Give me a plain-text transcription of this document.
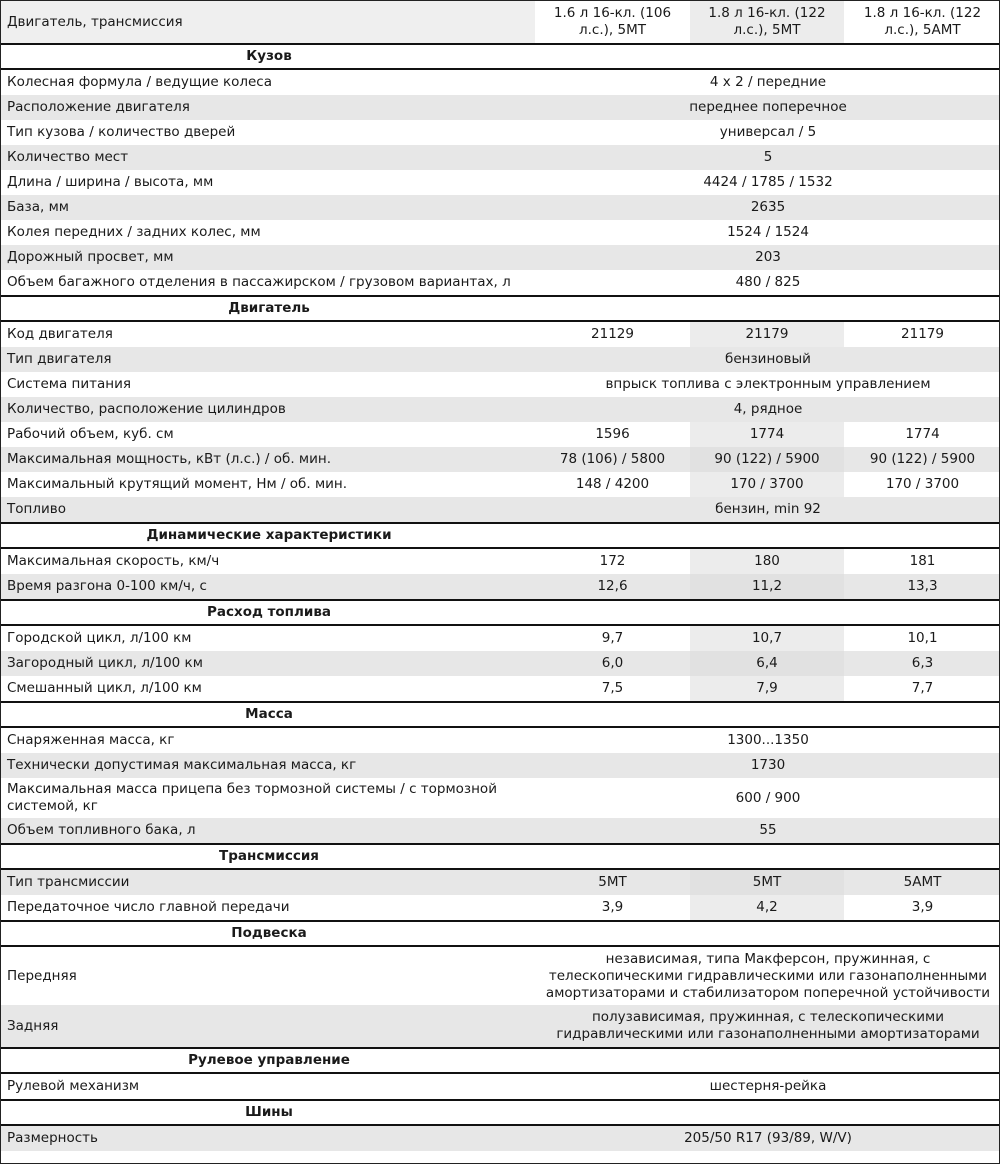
Двигатель, трансмиссия	1.6 л 16-кл. (106 л.с.), 5МТ	1.8 л 16-кл. (122 л.с.), 5МТ	1.8 л 16-кл. (122 л.с.), 5АМТ

Кузов			

Колесная формула / ведущие колеса	4 x 2 / передние		
Расположение двигателя	переднее поперечное		
Тип кузова / количество дверей	универсал / 5		
Количество мест	5		
Длина / ширина / высота, мм	4424 / 1785 / 1532		
База, мм	2635		
Колея передних / задних колес, мм	1524 / 1524		
Дорожный просвет, мм	203		
Объем багажного отделения в пассажирском / грузовом вариантах, л	480 / 825		

Двигатель			

Код двигателя	21129	21179	21179
Тип двигателя	бензиновый		
Система питания	впрыск топлива с электронным управлением		
Количество, расположение цилиндров	4, рядное		
Рабочий объем, куб. см	1596	1774	1774
Максимальная мощность, кВт (л.с.) / об. мин.	78 (106) / 5800	90 (122) / 5900	90 (122) / 5900
Максимальный крутящий момент, Нм / об. мин.	148 / 4200	170 / 3700	170 / 3700
Топливо	бензин, min 92		

Динамические характеристики			

Максимальная скорость, км/ч	172	180	181
Время разгона 0-100 км/ч, с	12,6	11,2	13,3

Расход топлива			

Городской цикл, л/100 км	9,7	10,7	10,1
Загородный цикл, л/100 км	6,0	6,4	6,3
Смешанный цикл, л/100 км	7,5	7,9	7,7

Масса			

Снаряженная масса, кг	1300...1350		
Технически допустимая максимальная масса, кг	1730		
Максимальная масса прицепа без тормозной системы / с тормозной системой, кг	600 / 900		
Объем топливного бака, л	55		

Трансмиссия			

Тип трансмиссии	5МТ	5МТ	5АМТ
Передаточное число главной передачи	3,9	4,2	3,9

Подвеска			

Передняя	независимая, типа Макферсон, пружинная, с телескопическими гидравлическими или газонаполненными амортизаторами и стабилизатором поперечной устойчивости		
Задняя	полузависимая, пружинная, с телескопическими гидравлическими или газонаполненными амортизаторами		

Рулевое управление			

Рулевой механизм	шестерня-рейка		

Шины			

Размерность	205/50 R17 (93/89, W/V)		
